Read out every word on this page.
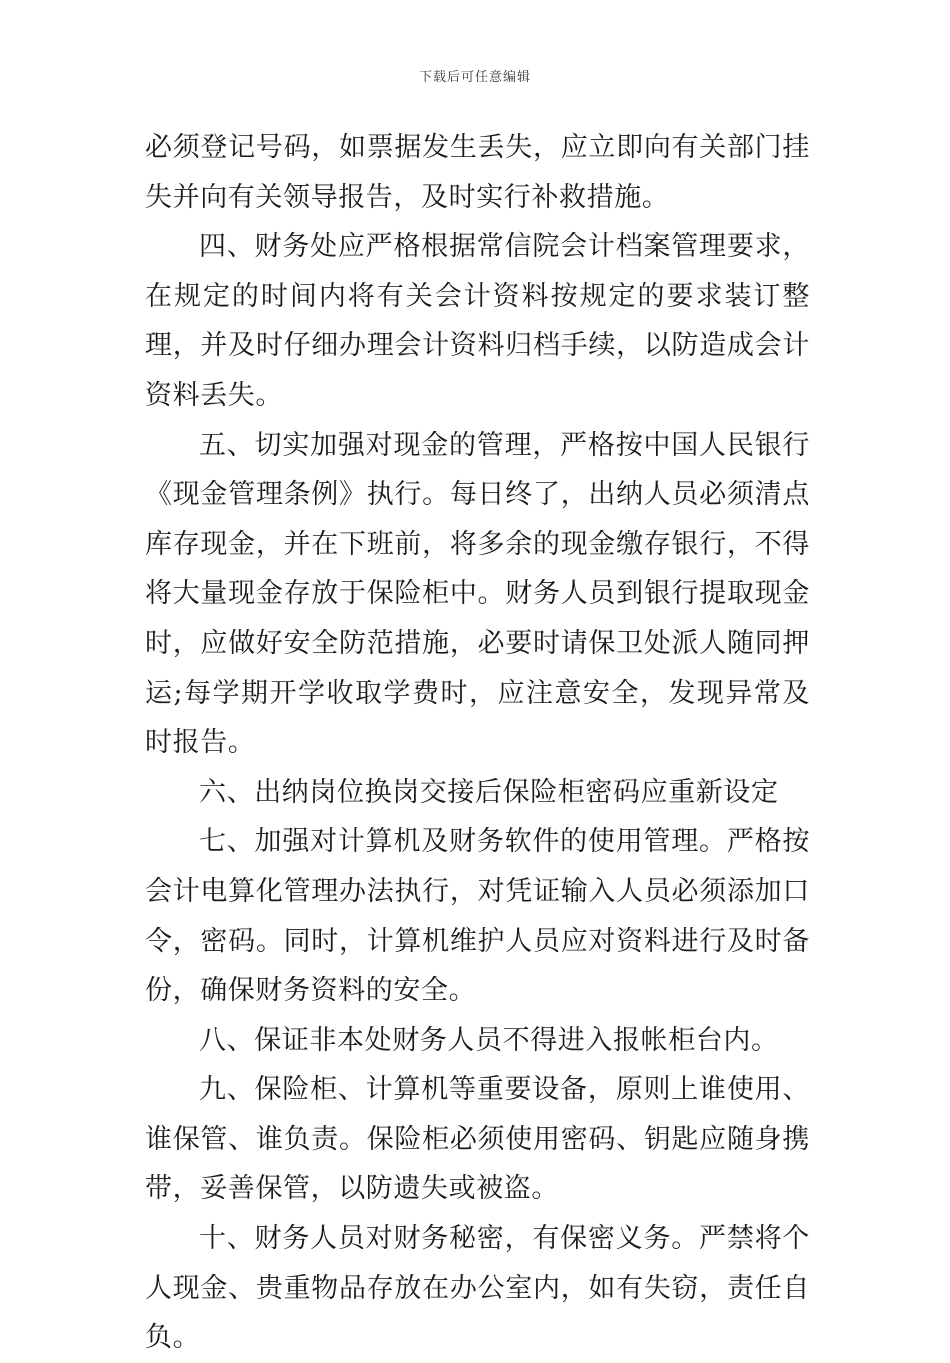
下载后可任意编辑

必须登记号码，如票据发生丢失，应立即向有关部门挂失并向有关领导报告，及时实行补救措施。

四、财务处应严格根据常信院会计档案管理要求，在规定的时间内将有关会计资料按规定的要求装订整理，并及时仔细办理会计资料归档手续，以防造成会计资料丢失。

五、切实加强对现金的管理，严格按中国人民银行《现金管理条例》执行。每日终了，出纳人员必须清点库存现金，并在下班前，将多余的现金缴存银行，不得将大量现金存放于保险柜中。财务人员到银行提取现金时，应做好安全防范措施，必要时请保卫处派人随同押运;每学期开学收取学费时，应注意安全，发现异常及时报告。

六、出纳岗位换岗交接后保险柜密码应重新设定

七、加强对计算机及财务软件的使用管理。严格按会计电算化管理办法执行，对凭证输入人员必须添加口令，密码。同时，计算机维护人员应对资料进行及时备份，确保财务资料的安全。

八、保证非本处财务人员不得进入报帐柜台内。

九、保险柜、计算机等重要设备，原则上谁使用、谁保管、谁负责。保险柜必须使用密码、钥匙应随身携带，妥善保管，以防遗失或被盗。

十、财务人员对财务秘密，有保密义务。严禁将个人现金、贵重物品存放在办公室内，如有失窃，责任自负。
